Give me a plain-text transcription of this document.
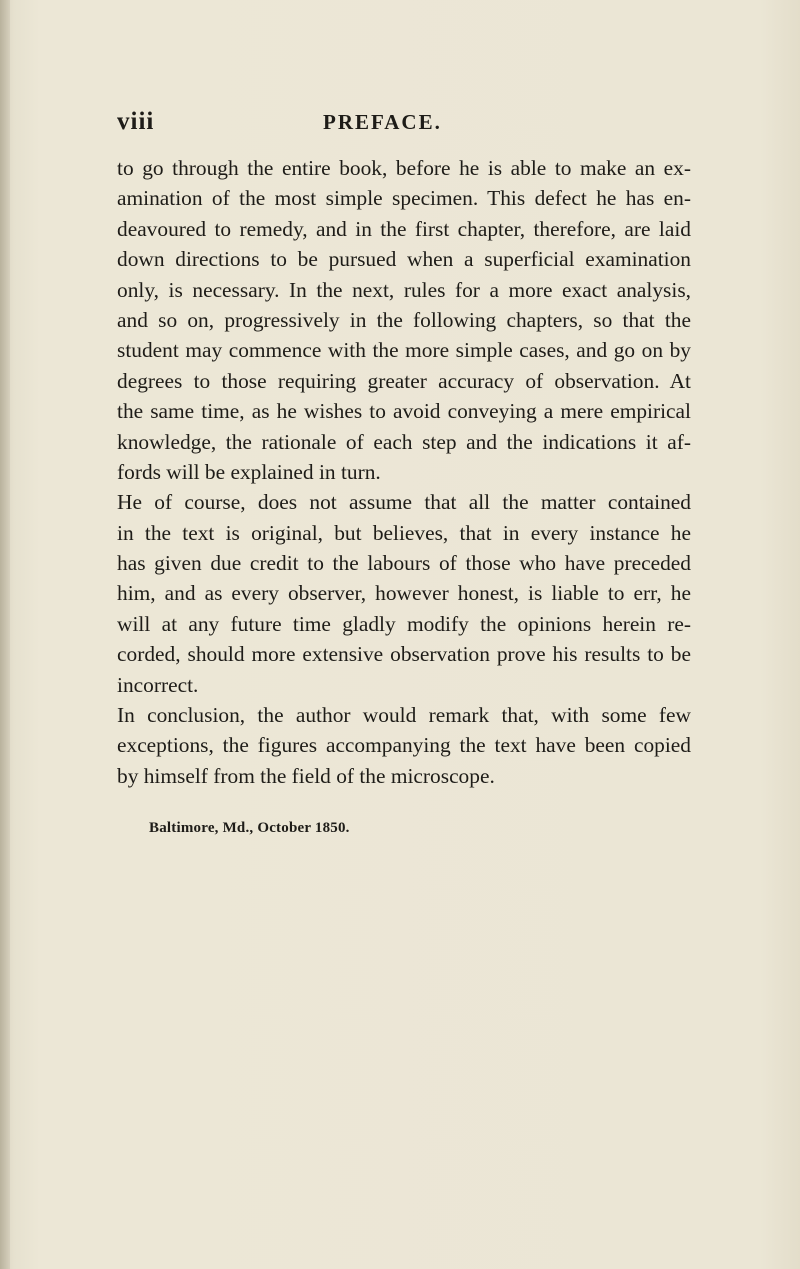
viii	PREFACE.
to go through the entire book, before he is able to make an ex-
amination of the most simple specimen. This defect he has en-
deavoured to remedy, and in the first chapter, therefore, are laid
down directions to be pursued when a superficial examination
only, is necessary. In the next, rules for a more exact analysis,
and so on, progressively in the following chapters, so that the
student may commence with the more simple cases, and go on by
degrees to those requiring greater accuracy of observation. At
the same time, as he wishes to avoid conveying a mere empirical
knowledge, the rationale of each step and the indications it af-
fords will be explained in turn.
He of course, does not assume that all the matter contained
in the text is original, but believes, that in every instance he
has given due credit to the labours of those who have preceded
him, and as every observer, however honest, is liable to err, he
will at any future time gladly modify the opinions herein re-
corded, should more extensive observation prove his results to be
incorrect.
In conclusion, the author would remark that, with some few
exceptions, the figures accompanying the text have been copied
by himself from the field of the microscope.
Baltimore, Md., October 1850.
